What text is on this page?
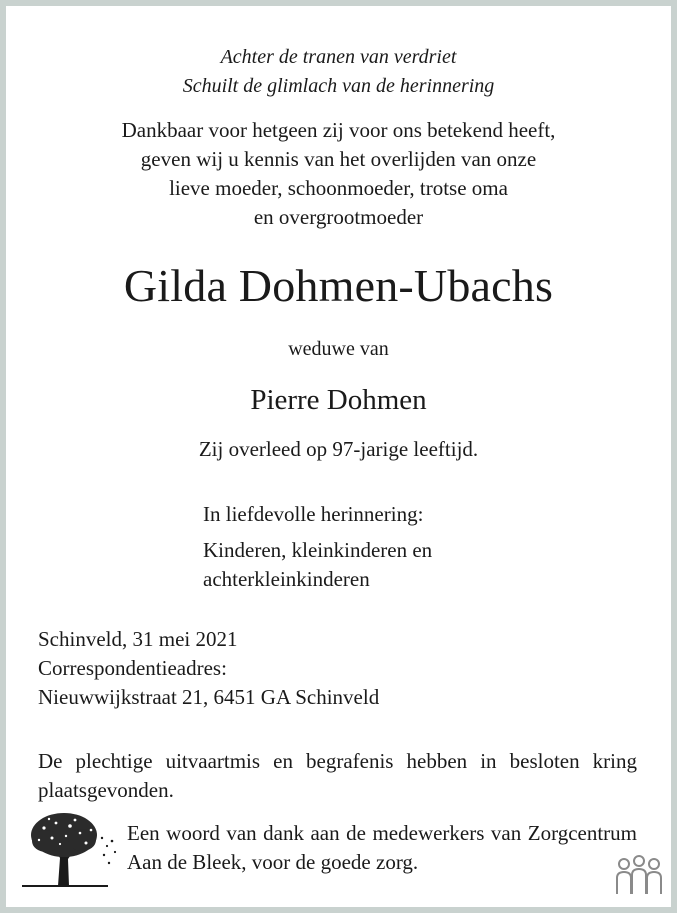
Achter de tranen van verdriet
Schuilt de glimlach van de herinnering
Dankbaar voor hetgeen zij voor ons betekend heeft,
geven wij u kennis van het overlijden van onze
lieve moeder, schoonmoeder, trotse oma
en overgrootmoeder
Gilda Dohmen-Ubachs
weduwe van
Pierre Dohmen
Zij overleed op 97-jarige leeftijd.
In liefdevolle herinnering:
Kinderen, kleinkinderen en
achterkleinkinderen
Schinveld, 31 mei 2021
Correspondentieadres:
Nieuwwijkstraat 21, 6451 GA Schinveld
De plechtige uitvaartmis en begrafenis hebben in besloten kring plaatsgevonden.
Een woord van dank aan de medewerkers van Zorgcentrum Aan de Bleek, voor de goede zorg.
